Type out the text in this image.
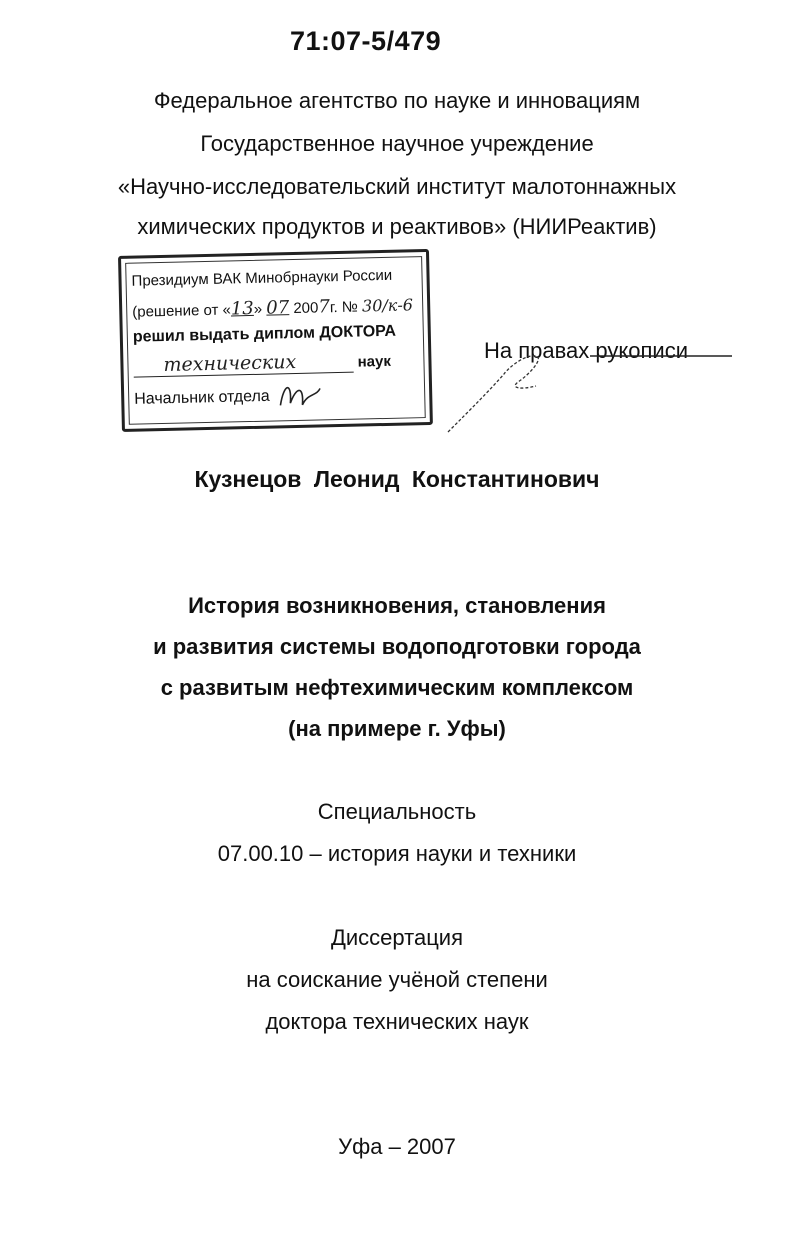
71:07-5/479
Федеральное агентство по науке и инновациям
Государственное научное учреждение
«Научно-исследовательский институт малотоннажных
химических продуктов и реактивов» (НИИРеактив)
Президиум ВАК Минобрнауки России
(решение от «13» 07 2007г. № 30/к-6
решил выдать диплом ДОКТОРА
технических	наук
Начальник отдела
На правах рукописи
Кузнецов Леонид Константинович
История возникновения, становления
и развития системы водоподготовки города
с развитым нефтехимическим комплексом
(на примере г. Уфы)
Специальность
07.00.10 – история науки и техники
Диссертация
на соискание учёной степени
доктора технических наук
Уфа – 2007
